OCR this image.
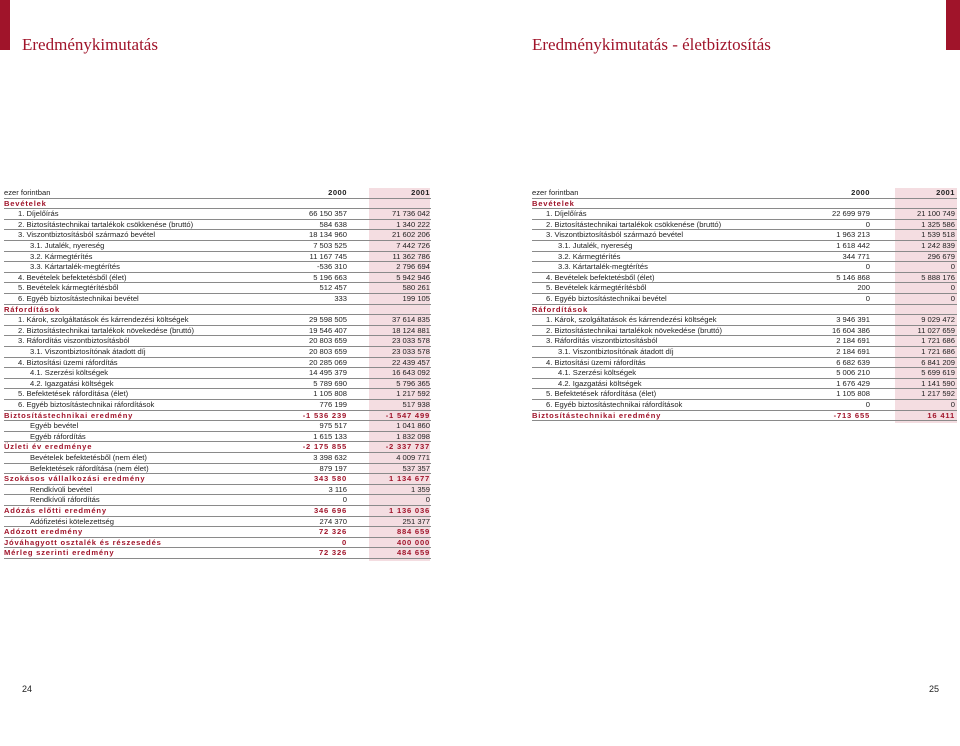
Eredménykimutatás
ezer forintban	2000	2001
Bevételek
1. Díjelőírás	66 150 357	71 736 042
2. Biztosítástechnikai tartalékok csökkenése (bruttó)	584 638	1 340 222
3. Viszontbiztosításból származó bevétel	18 134 960	21 602 206
3.1. Jutalék, nyereség	7 503 525	7 442 726
3.2. Kármegtérítés	11 167 745	11 362 786
3.3. Kártartalék-megtérítés	-536 310	2 796 694
4. Bevételek befektetésből (élet)	5 196 663	5 942 946
5. Bevételek kármegtérítésből	512 457	580 261
6. Egyéb biztosítástechnikai bevétel	333	199 105
Ráfordítások
1. Károk, szolgáltatások és kárrendezési költségek	29 598 505	37 614 835
2. Biztosítástechnikai tartalékok növekedése (bruttó)	19 546 407	18 124 881
3. Ráfordítás viszontbiztosításból	20 803 659	23 033 578
3.1. Viszontbiztosítónak átadott díj	20 803 659	23 033 578
4. Biztosítási üzemi ráfordítás	20 285 069	22 439 457
4.1. Szerzési költségek	14 495 379	16 643 092
4.2. Igazgatási költségek	5 789 690	5 796 365
5. Befektetések ráfordítása (élet)	1 105 808	1 217 592
6. Egyéb biztosítástechnikai ráfordítások	776 199	517 938
Biztosítástechnikai eredmény	-1 536 239	-1 547 499
Egyéb bevétel	975 517	1 041 860
Egyéb ráfordítás	1 615 133	1 832 098
Üzleti év eredménye	-2 175 855	-2 337 737
Bevételek befektetésből (nem élet)	3 398 632	4 009 771
Befektetések ráfordítása (nem élet)	879 197	537 357
Szokásos vállalkozási eredmény	343 580	1 134 677
Rendkívüli bevétel	3 116	1 359
Rendkívüli ráfordítás	0	0
Adózás előtti eredmény	346 696	1 136 036
Adófizetési kötelezettség	274 370	251 377
Adózott eredmény	72 326	884 659
Jóváhagyott osztalék és részesedés	0	400 000
Mérleg szerinti eredmény	72 326	484 659
24
Eredménykimutatás - életbiztosítás
ezer forintban	2000	2001
Bevételek
1. Díjelőírás	22 699 979	21 100 749
2. Biztosítástechnikai tartalékok csökkenése (bruttó)	0	1 325 586
3. Viszontbiztosításból származó bevétel	1 963 213	1 539 518
3.1. Jutalék, nyereség	1 618 442	1 242 839
3.2. Kármegtérítés	344 771	296 679
3.3. Kártartalék-megtérítés	0	0
4. Bevételek befektetésből (élet)	5 146 868	5 888 176
5. Bevételek kármegtérítésből	200	0
6. Egyéb biztosítástechnikai bevétel	0	0
Ráfordítások
1. Károk, szolgáltatások és kárrendezési költségek	3 946 391	9 029 472
2. Biztosítástechnikai tartalékok növekedése (bruttó)	16 604 386	11 027 659
3. Ráfordítás viszontbiztosításból	2 184 691	1 721 686
3.1. Viszontbiztosítónak átadott díj	2 184 691	1 721 686
4. Biztosítási üzemi ráfordítás	6 682 639	6 841 209
4.1. Szerzési költségek	5 006 210	5 699 619
4.2. Igazgatási költségek	1 676 429	1 141 590
5. Befektetések ráfordítása (élet)	1 105 808	1 217 592
6. Egyéb biztosítástechnikai ráfordítások	0	0
Biztosítástechnikai eredmény	-713 655	16 411
25
